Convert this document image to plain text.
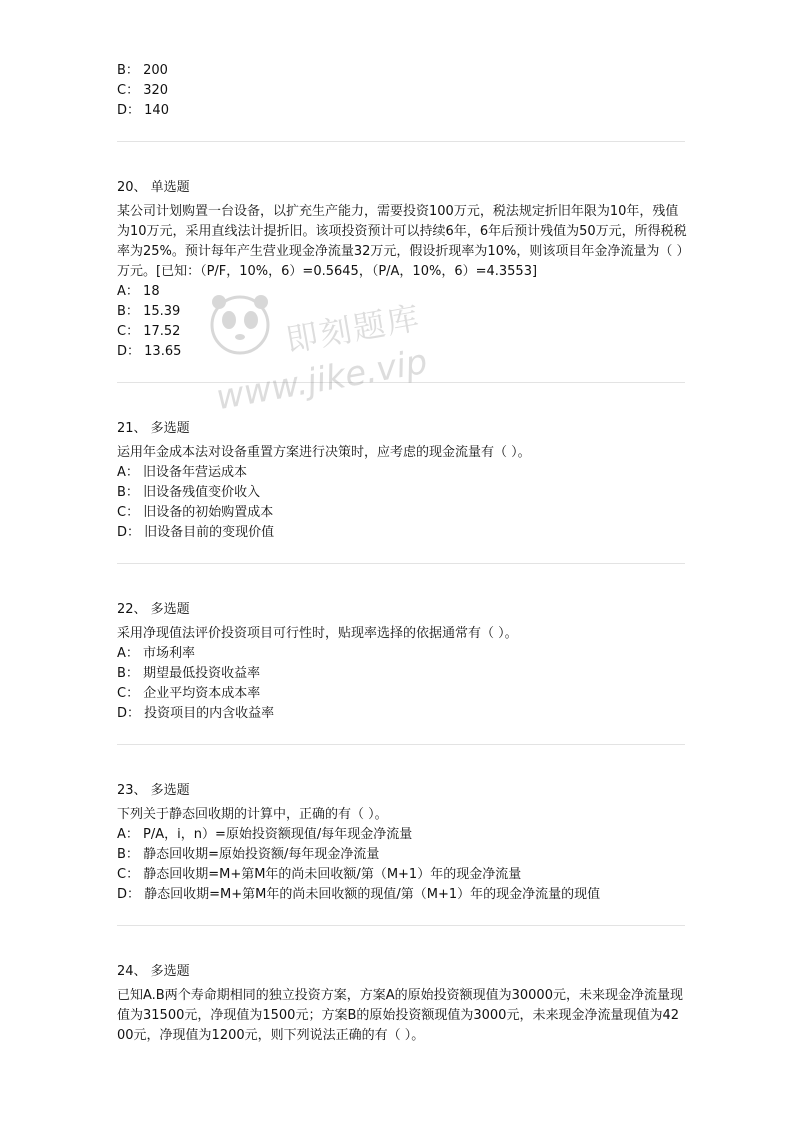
B： 200
C： 320
D： 140
20、 单选题
某公司计划购置一台设备，以扩充生产能力，需要投资100万元，税法规定折旧年限为10年，残值为10万元，采用直线法计提折旧。该项投资预计可以持续6年，6年后预计残值为50万元，所得税税率为25%。预计每年产生营业现金净流量32万元，假设折现率为10%，则该项目年金净流量为（ ）万元。[已知：（P/F，10%，6）=0.5645，（P/A，10%，6）=4.3553]
A： 18
B： 15.39
C： 17.52
D： 13.65
21、 多选题
运用年金成本法对设备重置方案进行决策时，应考虑的现金流量有（ ）。
A： 旧设备年营运成本
B： 旧设备残值变价收入
C： 旧设备的初始购置成本
D： 旧设备目前的变现价值
22、 多选题
采用净现值法评价投资项目可行性时，贴现率选择的依据通常有（ ）。
A： 市场利率
B： 期望最低投资收益率
C： 企业平均资本成本率
D： 投资项目的内含收益率
23、 多选题
下列关于静态回收期的计算中，正确的有（ ）。
A： P/A，i，n）=原始投资额现值/每年现金净流量
B： 静态回收期=原始投资额/每年现金净流量
C： 静态回收期=M+第M年的尚未回收额/第（M+1）年的现金净流量
D： 静态回收期=M+第M年的尚未回收额的现值/第（M+1）年的现金净流量的现值
24、 多选题
已知A.B两个寿命期相同的独立投资方案，方案A的原始投资额现值为30000元，未来现金净流量现值为31500元，净现值为1500元；方案B的原始投资额现值为3000元，未来现金净流量现值为4200元，净现值为1200元，则下列说法正确的有（ ）。
即刻题库
www.jike.vip
